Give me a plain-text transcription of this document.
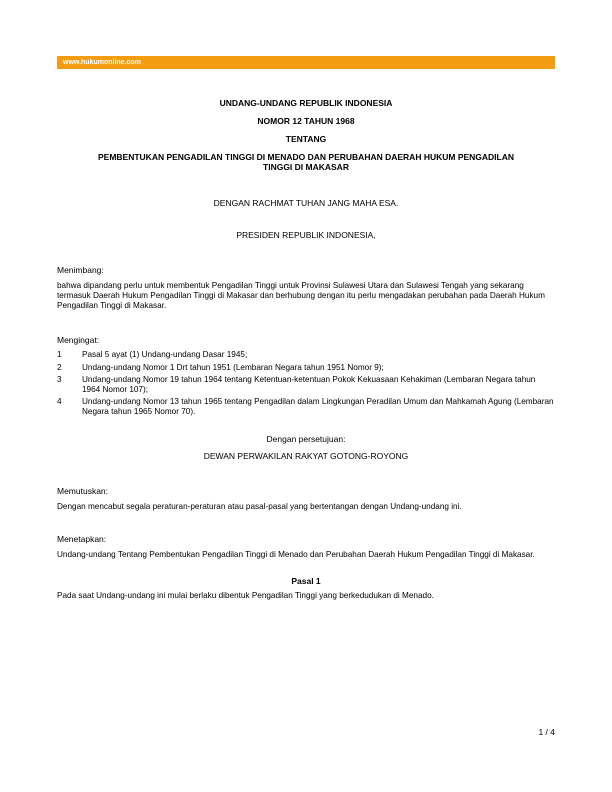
www.hukumonline.com
UNDANG-UNDANG REPUBLIK INDONESIA
NOMOR 12 TAHUN 1968
TENTANG
PEMBENTUKAN PENGADILAN TINGGI DI MENADO DAN PERUBAHAN DAERAH HUKUM PENGADILAN
TINGGI DI MAKASAR
DENGAN RACHMAT TUHAN JANG MAHA ESA.
PRESIDEN REPUBLIK INDONESIA,
Menimbang:
bahwa dipandang perlu untuk membentuk Pengadilan Tinggi untuk Provinsi Sulawesi Utara dan Sulawesi Tengah yang sekarang termasuk Daerah Hukum Pengadilan Tinggi di Makasar dan berhubung dengan itu perlu mengadakan perubahan pada Daerah Hukum Pengadilan Tinggi di Makasar.
Mengingat:
1	Pasal 5 ayat (1) Undang-undang Dasar 1945;
2	Undang-undang Nomor 1 Drt tahun 1951 (Lembaran Negara tahun 1951 Nomor 9);
3	Undang-undang Nomor 19 tahun 1964 tentang Ketentuan-ketentuan Pokok Kekuasaan Kehakiman (Lembaran Negara tahun 1964 Nomor 107);
4	Undang-undang Nomor 13 tahun 1965 tentang Pengadilan dalam Lingkungan Peradilan Umum dan Mahkamah Agung (Lembaran Negara tahun 1965 Nomor 70).
Dengan persetujuan:
DEWAN PERWAKILAN RAKYAT GOTONG-ROYONG
Memutuskan:
Dengan mencabut segala peraturan-peraturan atau pasal-pasal yang bertentangan dengan Undang-undang ini.
Menetapkan:
Undang-undang Tentang Pembentukan Pengadilan Tinggi di Menado dan Perubahan Daerah Hukum Pengadilan Tinggi di Makasar.
Pasal 1
Pada saat Undang-undang ini mulai berlaku dibentuk Pengadilan Tinggi yang berkedudukan di Menado.
1 / 4
